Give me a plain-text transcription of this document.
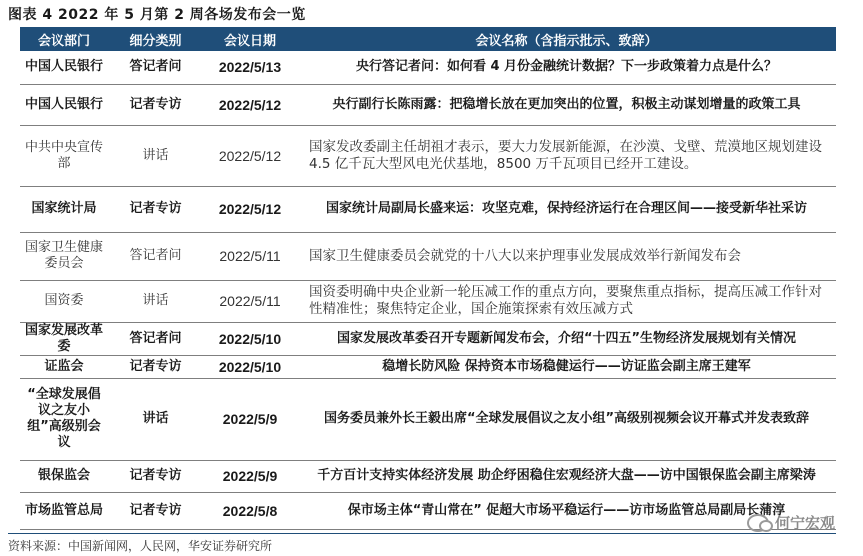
图表 4 2022 年 5 月第 2 周各场发布会一览
会议部门	细分类别	会议日期	会议名称（含指示批示、致辞）
中国人民银行	答记者问	2022/5/13	央行答记者问：如何看 4 月份金融统计数据？下一步政策着力点是什么？
中国人民银行	记者专访	2022/5/12	央行副行长陈雨露：把稳增长放在更加突出的位置，积极主动谋划增量的政策工具
中共中央宣传部	讲话	2022/5/12	国家发改委副主任胡祖才表示，要大力发展新能源，在沙漠、戈壁、荒漠地区规划建设 4.5 亿千瓦大型风电光伏基地，8500 万千瓦项目已经开工建设。
国家统计局	记者专访	2022/5/12	国家统计局副局长盛来运：攻坚克难，保持经济运行在合理区间——接受新华社采访
国家卫生健康委员会	答记者问	2022/5/11	国家卫生健康委员会就党的十八大以来护理事业发展成效举行新闻发布会
国资委	讲话	2022/5/11	国资委明确中央企业新一轮压减工作的重点方向，要聚焦重点指标，提高压减工作针对性精准性；聚焦特定企业，国企施策探索有效压减方式
国家发展改革委	答记者问	2022/5/10	国家发展改革委召开专题新闻发布会，介绍“十四五”生物经济发展规划有关情况
证监会	记者专访	2022/5/10	稳增长防风险 保持资本市场稳健运行——访证监会副主席王建军
“全球发展倡议之友小组”高级别会议	讲话	2022/5/9	国务委员兼外长王毅出席“全球发展倡议之友小组”高级别视频会议开幕式并发表致辞
银保监会	记者专访	2022/5/9	千方百计支持实体经济发展 助企纾困稳住宏观经济大盘——访中国银保监会副主席梁涛
市场监管总局	记者专访	2022/5/8	保市场主体“青山常在” 促超大市场平稳运行——访市场监管总局副局长蒲淳
何宁宏观
资料来源：中国新闻网，人民网，华安证券研究所
